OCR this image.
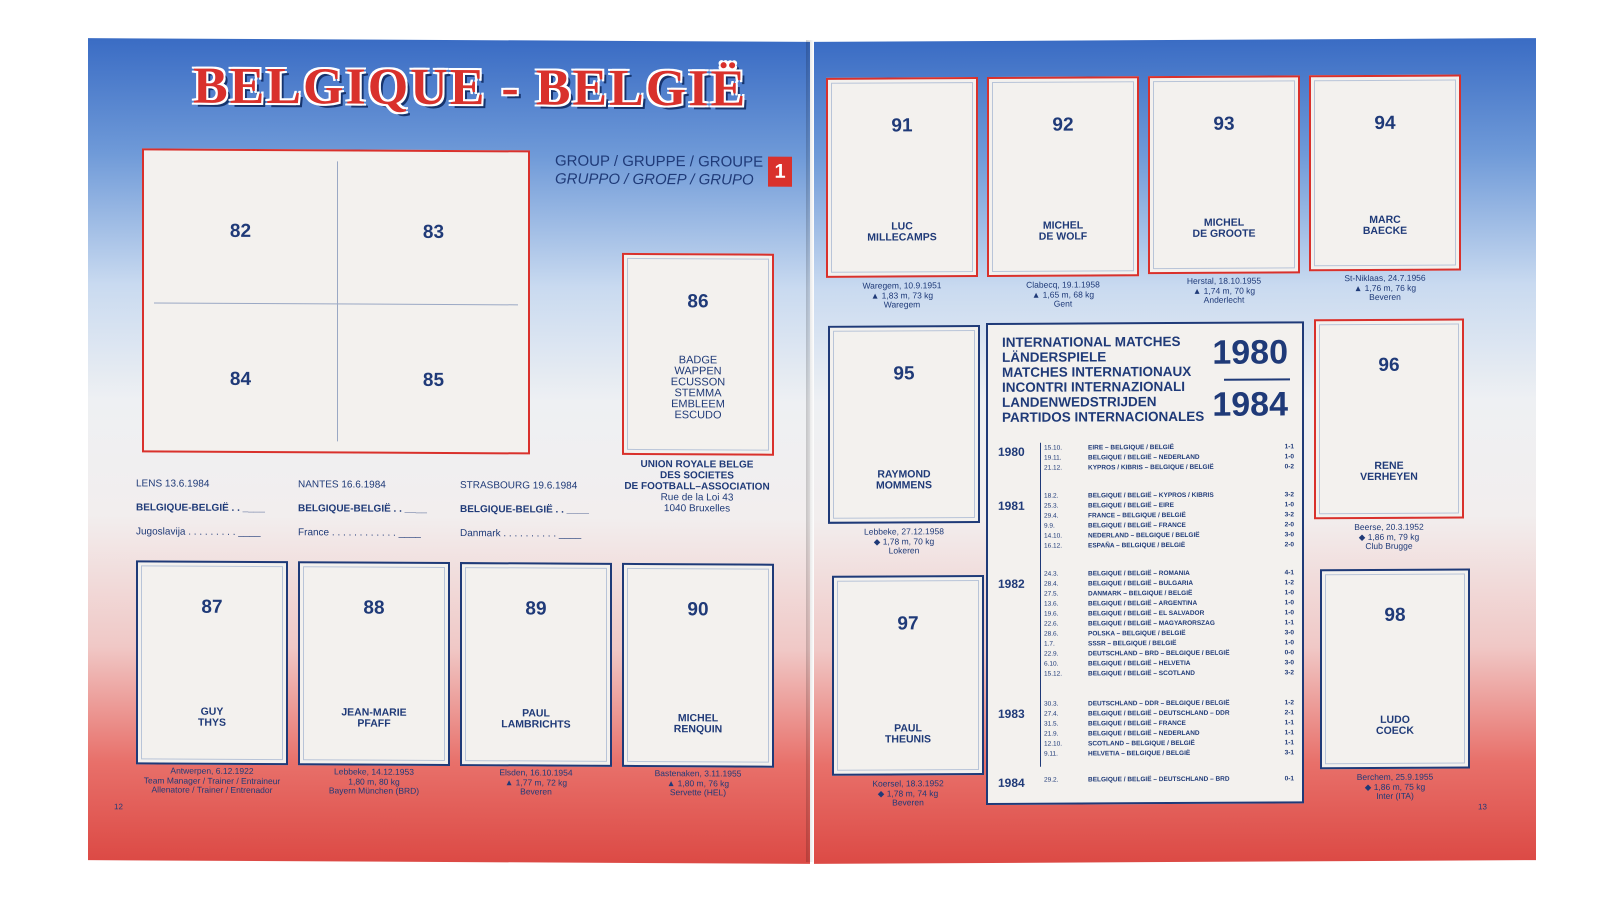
BELGIQUE - BELGIË
GROUP / GRUPPE / GROUPE
GRUPPO / GROEP / GRUPO	1
82	83
84	85
86
BADGE
WAPPEN
ECUSSON
STEMMA
EMBLEEM
ESCUDO
UNION ROYALE BELGE
DES SOCIETES
DE FOOTBALL–ASSOCIATION
Rue de la Loi 43
1040 Bruxelles
LENS 13.6.1984
BELGIQUE-BELGIË . . ____
Jugoslavija . . . . . . . . . ____
NANTES 16.6.1984
BELGIQUE-BELGIË . . ____
France . . . . . . . . . . . . ____
STRASBOURG 19.6.1984
BELGIQUE-BELGIË . . ____
Danmark . . . . . . . . . . ____
87
GUY
THYS
Antwerpen, 6.12.1922
Team Manager / Trainer / Entraineur
Allenatore / Trainer / Entrenador
88
JEAN-MARIE
PFAFF
Lebbeke, 14.12.1953
1,80 m, 80 kg
Bayern München (BRD)
89
PAUL
LAMBRICHTS
Elsden, 16.10.1954
▲ 1,77 m, 72 kg
Beveren
90
MICHEL
RENQUIN
Bastenaken, 3.11.1955
▲ 1,80 m, 76 kg
Servette (HEL)
12
91
LUC
MILLECAMPS
Waregem, 10.9.1951
▲ 1,83 m, 73 kg
Waregem
92
MICHEL
DE WOLF
Clabecq, 19.1.1958
▲ 1,65 m, 68 kg
Gent
93
MICHEL
DE GROOTE
Herstal, 18.10.1955
▲ 1,74 m, 70 kg
Anderlecht
94
MARC
BAECKE
St-Niklaas, 24.7.1956
▲ 1,76 m, 76 kg
Beveren
95
RAYMOND
MOMMENS
Lebbeke, 27.12.1958
◆ 1,78 m, 70 kg
Lokeren
97
PAUL
THEUNIS
Koersel, 18.3.1952
◆ 1,78 m, 74 kg
Beveren
96
RENE
VERHEYEN
Beerse, 20.3.1952
◆ 1,86 m, 79 kg
Club Brugge
98
LUDO
COECK
Berchem, 25.9.1955
◆ 1,86 m, 75 kg
Inter (ITA)
INTERNATIONAL MATCHES
LÄNDERSPIELE
MATCHES INTERNATIONAUX
INCONTRI INTERNAZIONALI
LANDENWEDSTRIJDEN
PARTIDOS INTERNACIONALES
1980
1984
1980	15.10.	EIRE – BELGIQUE / BELGIË	1-1
19.11.	BELGIQUE / BELGIË – NEDERLAND	1-0
21.12.	KYPROS / KIBRIS – BELGIQUE / BELGIË	0-2
1981
18.2.	BELGIQUE / BELGIË – KYPROS / KIBRIS	3-2
25.3.	BELGIQUE / BELGIË – EIRE	1-0
29.4.	FRANCE – BELGIQUE / BELGIË	3-2
9.9.	BELGIQUE / BELGIË – FRANCE	2-0
14.10.	NEDERLAND – BELGIQUE / BELGIË	3-0
16.12.	ESPAÑA – BELGIQUE / BELGIË	2-0
1982
24.3.	BELGIQUE / BELGIË – ROMANIA	4-1
28.4.	BELGIQUE / BELGIË – BULGARIA	1-2
27.5.	DANMARK – BELGIQUE / BELGIË	1-0
13.6.	BELGIQUE / BELGIË – ARGENTINA	1-0
19.6.	BELGIQUE / BELGIË – EL SALVADOR	1-0
22.6.	BELGIQUE / BELGIË – MAGYARORSZAG	1-1
28.6.	POLSKA – BELGIQUE / BELGIË	3-0
1.7.	SSSR – BELGIQUE / BELGIË	1-0
22.9.	DEUTSCHLAND – BRD – BELGIQUE / BELGIË	0-0
6.10.	BELGIQUE / BELGIË – HELVETIA	3-0
15.12.	BELGIQUE / BELGIË – SCOTLAND	3-2
1983
30.3.	DEUTSCHLAND – DDR – BELGIQUE / BELGIË	1-2
27.4.	BELGIQUE / BELGIË – DEUTSCHLAND – DDR	2-1
31.5.	BELGIQUE / BELGIË – FRANCE	1-1
21.9.	BELGIQUE / BELGIË – NEDERLAND	1-1
12.10.	SCOTLAND – BELGIQUE / BELGIË	1-1
9.11.	HELVETIA – BELGIQUE / BELGIË	3-1
1984	29.2.	BELGIQUE / BELGIË – DEUTSCHLAND – BRD	0-1
13
